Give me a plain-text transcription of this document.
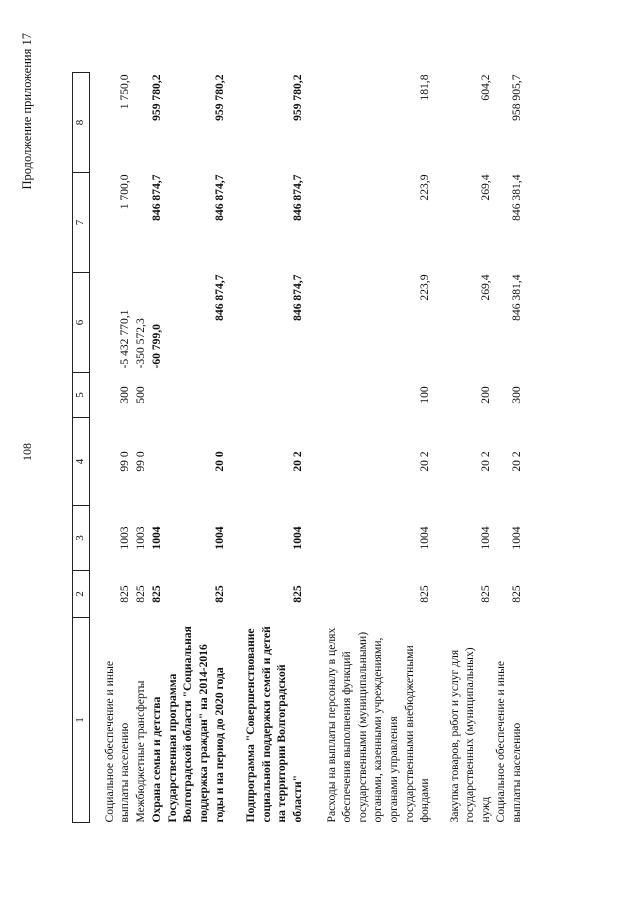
108
Продолжение приложения 17
1	2	3	4	5	6	7	8
Социальное обеспечение и иные выплаты населению	825	1003	99 0	300	-5 432 770,1	1 700,0	1 750,0
Межбюджетные трансферты	825	1003	99 0	500	-350 572,3		
Охрана семьи и детства	825	1004			-60 799,0	846 874,7	959 780,2
Государственная программа Волгоградской области "Социальная поддержка граждан" на 2014-2016 годы и на период до 2020 года	825	1004	20 0		846 874,7	846 874,7	959 780,2
Подпрограмма "Совершенствование социальной поддержки семей и детей на территории Волгоградской области"	825	1004	20 2		846 874,7	846 874,7	959 780,2
Расходы на выплаты персоналу в целях обеспечения выполнения функций государственными (муниципальными) органами, казенными учреждениями, органами управления государственными внебюджетными фондами	825	1004	20 2	100	223,9	223,9	181,8
Закупка товаров, работ и услуг для государственных (муниципальных) нужд	825	1004	20 2	200	269,4	269,4	604,2
Социальное обеспечение и иные выплаты населению	825	1004	20 2	300	846 381,4	846 381,4	958 905,7
